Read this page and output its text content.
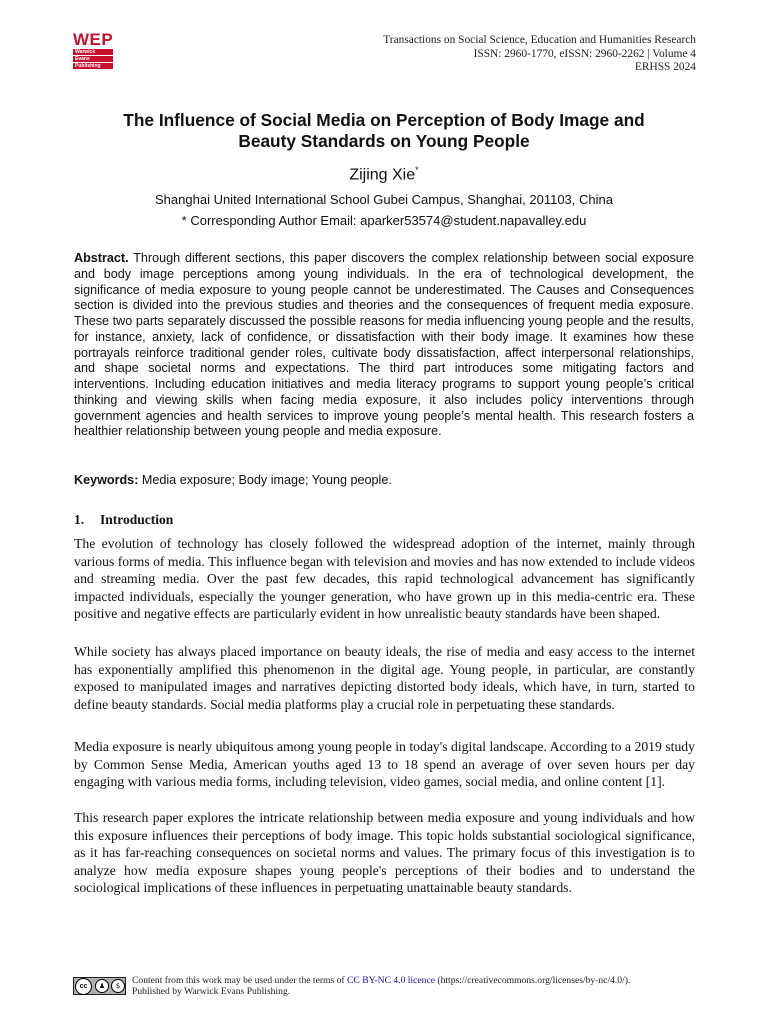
WEP
Warwick
Evans
Publishing
Transactions on Social Science, Education and Humanities Research
ISSN: 2960-1770, eISSN: 2960-2262 | Volume 4
ERHSS 2024
The Influence of Social Media on Perception of Body Image and
Beauty Standards on Young People
Zijing Xie*
Shanghai United International School Gubei Campus, Shanghai, 201103, China
* Corresponding Author Email: aparker53574@student.napavalley.edu
Abstract. Through different sections, this paper discovers the complex relationship between social exposure and body image perceptions among young individuals. In the era of technological development, the significance of media exposure to young people cannot be underestimated. The Causes and Consequences section is divided into the previous studies and theories and the consequences of frequent media exposure. These two parts separately discussed the possible reasons for media influencing young people and the results, for instance, anxiety, lack of confidence, or dissatisfaction with their body image. It examines how these portrayals reinforce traditional gender roles, cultivate body dissatisfaction, affect interpersonal relationships, and shape societal norms and expectations. The third part introduces some mitigating factors and interventions. Including education initiatives and media literacy programs to support young people’s critical thinking and viewing skills when facing media exposure, it also includes policy interventions through government agencies and health services to improve young people’s mental health. This research fosters a healthier relationship between young people and media exposure.
Keywords: Media exposure; Body image; Young people.
1. Introduction

The evolution of technology has closely followed the widespread adoption of the internet, mainly through various forms of media. This influence began with television and movies and has now extended to include videos and streaming media. Over the past few decades, this rapid technological advancement has significantly impacted individuals, especially the younger generation, who have grown up in this media-centric era. These positive and negative effects are particularly evident in how unrealistic beauty standards have been shaped.

While society has always placed importance on beauty ideals, the rise of media and easy access to the internet has exponentially amplified this phenomenon in the digital age. Young people, in particular, are constantly exposed to manipulated images and narratives depicting distorted body ideals, which have, in turn, started to define beauty standards. Social media platforms play a crucial role in perpetuating these standards.

Media exposure is nearly ubiquitous among young people in today's digital landscape. According to a 2019 study by Common Sense Media, American youths aged 13 to 18 spend an average of over seven hours per day engaging with various media forms, including television, video games, social media, and online content [1].

This research paper explores the intricate relationship between media exposure and young individuals and how this exposure influences their perceptions of body image. This topic holds substantial sociological significance, as it has far-reaching consequences on societal norms and values. The primary focus of this investigation is to analyze how media exposure shapes young people's perceptions of their bodies and to understand the sociological implications of these influences in perpetuating unattainable beauty standards.

cc	♟	$	Content from this work may be used under the terms of CC BY-NC 4.0 licence (https://creativecommons.org/licenses/by-nc/4.0/).
Published by Warwick Evans Publishing.
